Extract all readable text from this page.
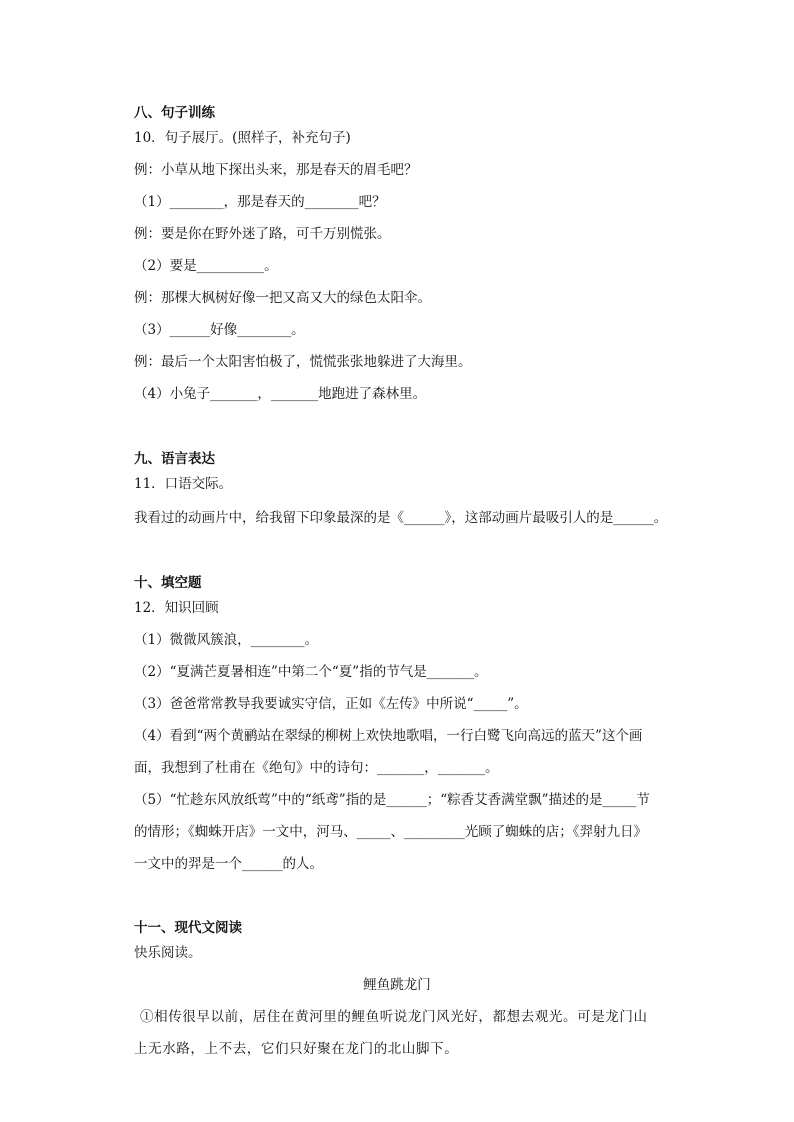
八、句子训练

10．句子展厅。(照样子，补充句子)

例：小草从地下探出头来，那是春天的眉毛吧？

（1）________，那是春天的________吧？

例：要是你在野外迷了路，可千万别慌张。

（2）要是__________。

例：那棵大枫树好像一把又高又大的绿色太阳伞。

（3）______好像________。

例：最后一个太阳害怕极了，慌慌张张地躲进了大海里。

（4）小兔子_______，_______地跑进了森林里。

九、语言表达

11．口语交际。

我看过的动画片中，给我留下印象最深的是《______》，这部动画片最吸引人的是______。

十、填空题

12．知识回顾

（1）微微风簇浪，________。

（2）“夏满芒夏暑相连”中第二个“夏”指的节气是_______。

（3）爸爸常常教导我要诚实守信，正如《左传》中所说“_____”。

（4）看到“两个黄鹂站在翠绿的柳树上欢快地歌唱，一行白鹭飞向高远的蓝天”这个画

面，我想到了杜甫在《绝句》中的诗句：_______，_______。

（5）“忙趁东风放纸莺”中的“纸鸢”指的是______；“粽香艾香满堂飘”描述的是_____节

的情形；《蜘蛛开店》一文中，河马、_____、_________光顾了蜘蛛的店；《羿射九日》

一文中的羿是一个______的人。

十一、现代文阅读

快乐阅读。

鲤鱼跳龙门

①相传很早以前，居住在黄河里的鲤鱼听说龙门风光好，都想去观光。可是龙门山

上无水路，上不去，它们只好聚在龙门的北山脚下。
